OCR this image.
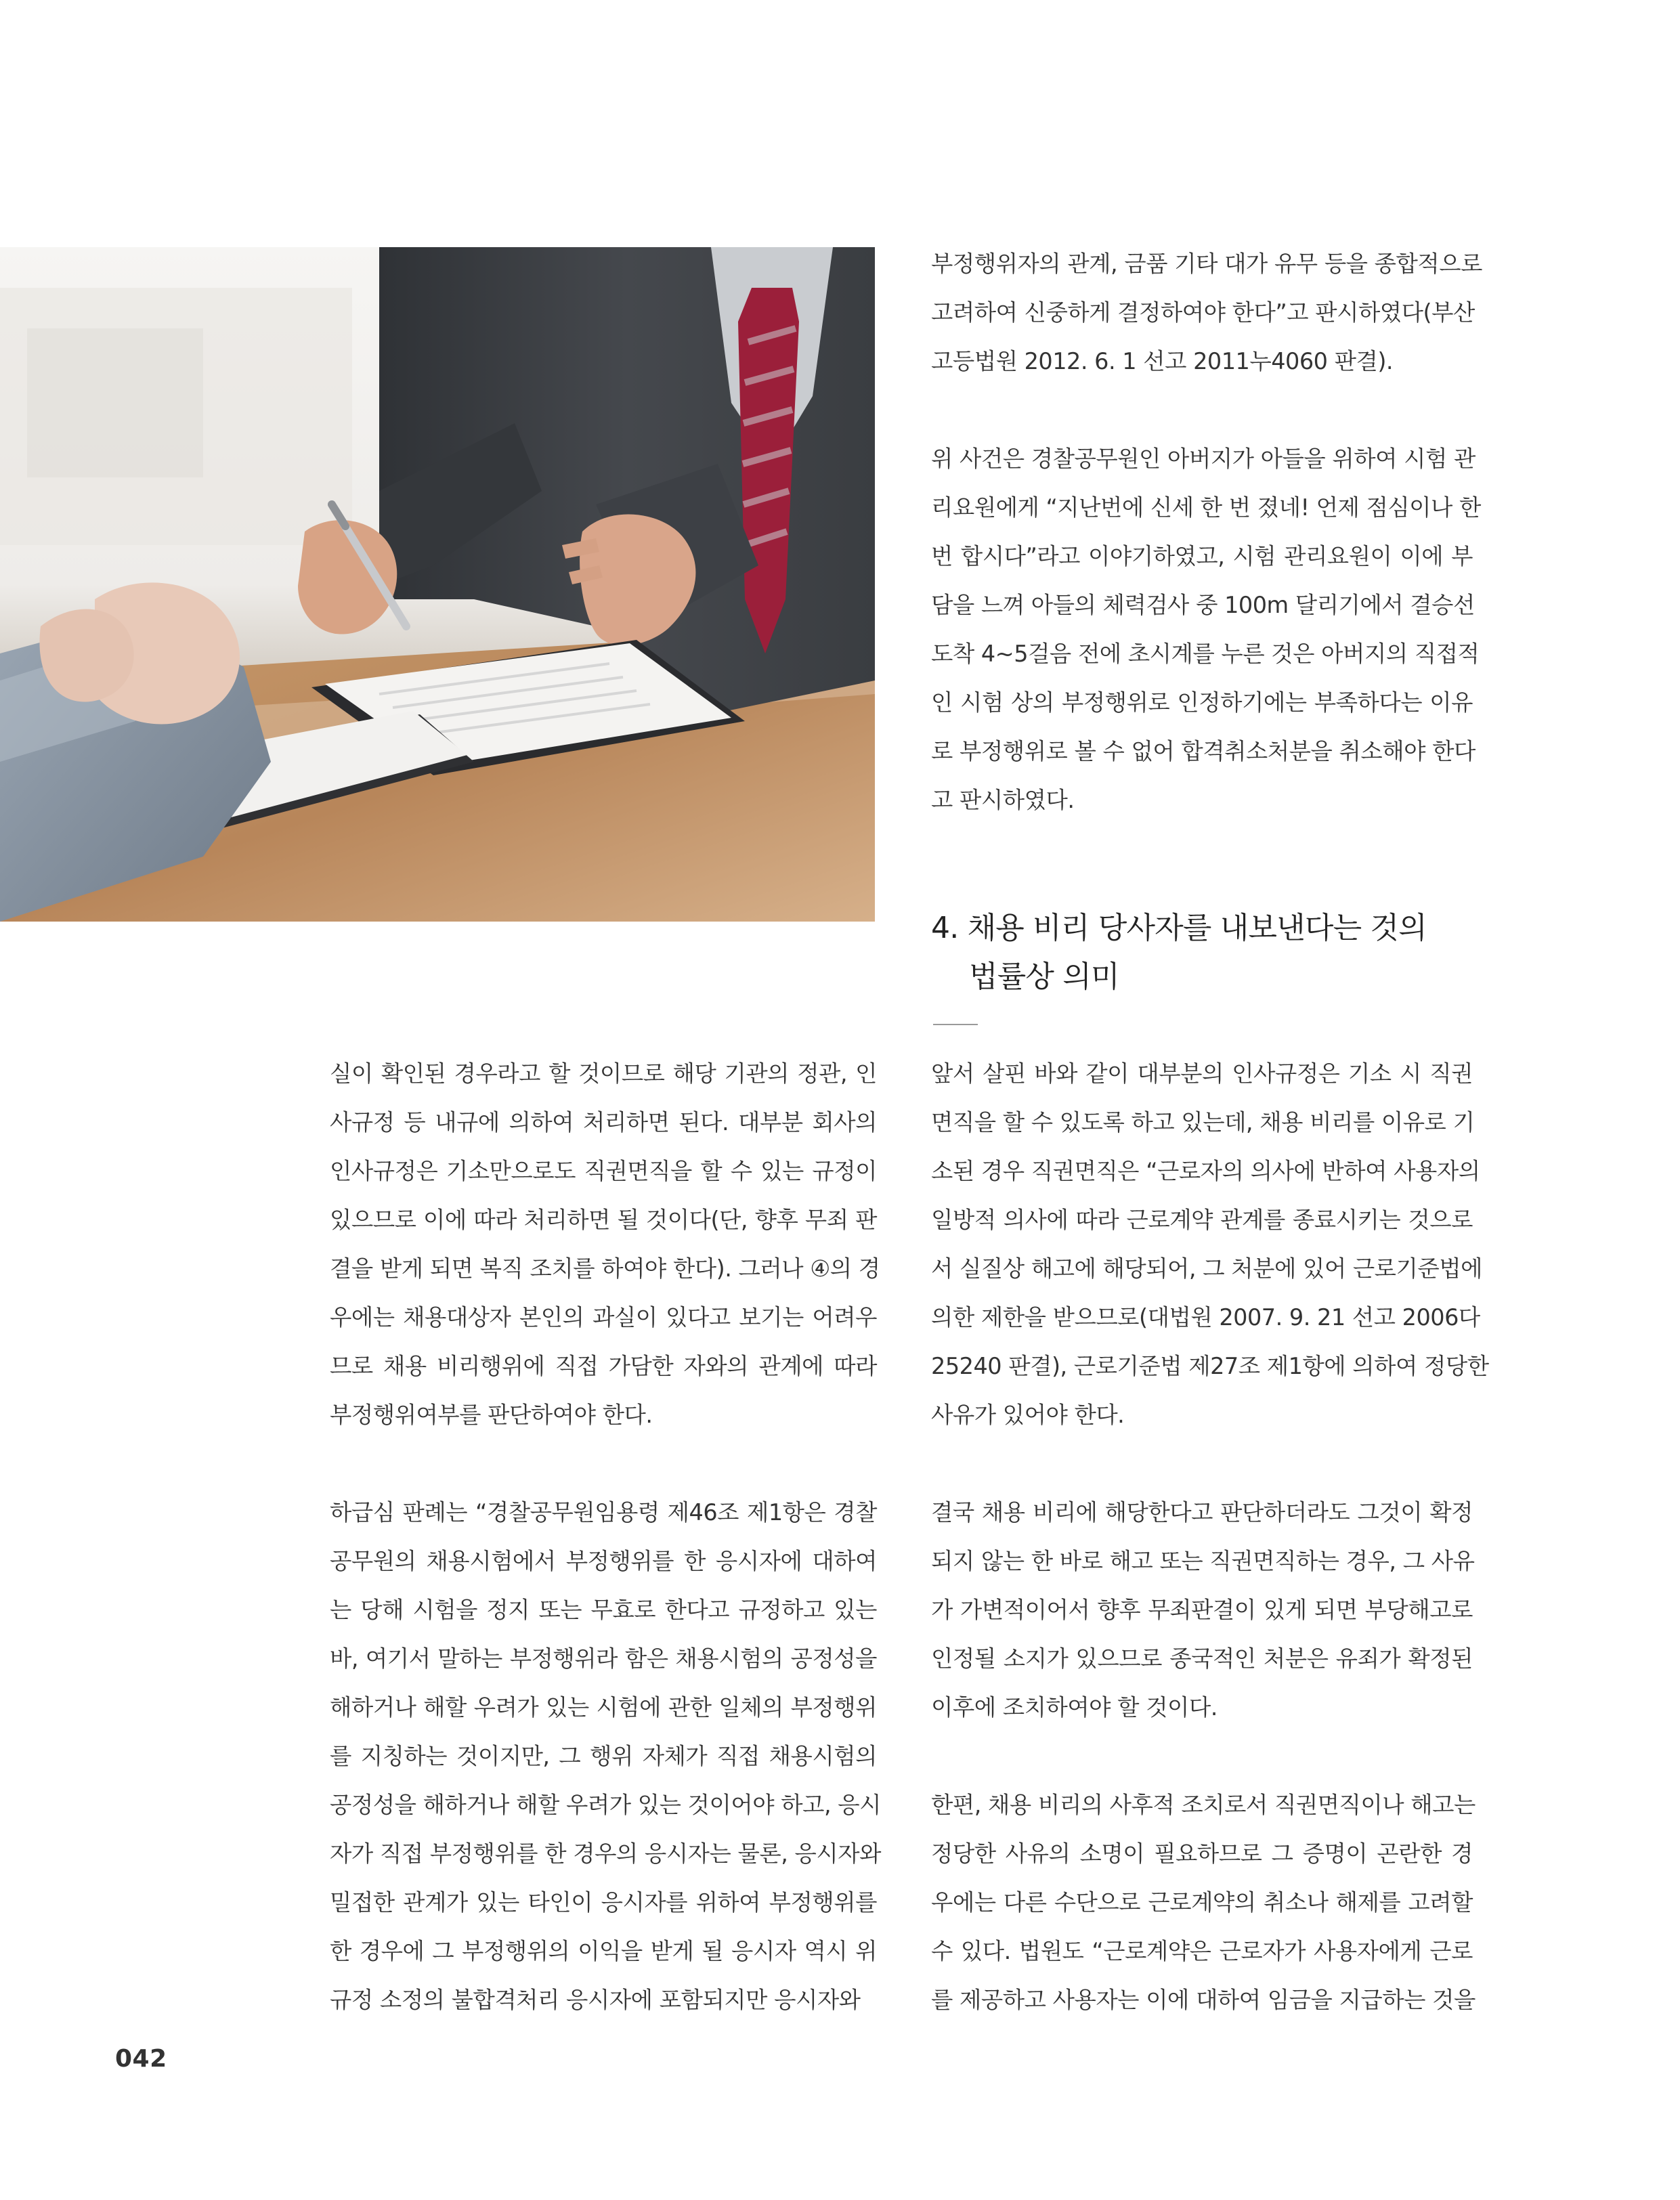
부정행위자의 관계, 금품 기타 대가 유무 등을 종합적으로
고려하여 신중하게 결정하여야 한다”고 판시하였다(부산
고등법원 2012. 6. 1 선고 2011누4060 판결).
위 사건은 경찰공무원인 아버지가 아들을 위하여 시험 관
리요원에게 “지난번에 신세 한 번 졌네! 언제 점심이나 한
번 합시다”라고 이야기하였고, 시험 관리요원이 이에 부
담을 느껴 아들의 체력검사 중 100m 달리기에서 결승선
도착 4~5걸음 전에 초시계를 누른 것은 아버지의 직접적
인 시험 상의 부정행위로 인정하기에는 부족하다는 이유
로 부정행위로 볼 수 없어 합격취소처분을 취소해야 한다
고 판시하였다.
4. 채용 비리 당사자를 내보낸다는 것의
법률상 의미
실이 확인된 경우라고 할 것이므로 해당 기관의 정관, 인
사규정 등 내규에 의하여 처리하면 된다. 대부분 회사의
인사규정은 기소만으로도 직권면직을 할 수 있는 규정이
있으므로 이에 따라 처리하면 될 것이다(단, 향후 무죄 판
결을 받게 되면 복직 조치를 하여야 한다). 그러나 ④의 경
우에는 채용대상자 본인의 과실이 있다고 보기는 어려우
므로 채용 비리행위에 직접 가담한 자와의 관계에 따라
부정행위여부를 판단하여야 한다.
하급심 판례는 “경찰공무원임용령 제46조 제1항은 경찰
공무원의 채용시험에서 부정행위를 한 응시자에 대하여
는 당해 시험을 정지 또는 무효로 한다고 규정하고 있는
바, 여기서 말하는 부정행위라 함은 채용시험의 공정성을
해하거나 해할 우려가 있는 시험에 관한 일체의 부정행위
를 지칭하는 것이지만, 그 행위 자체가 직접 채용시험의
공정성을 해하거나 해할 우려가 있는 것이어야 하고, 응시
자가 직접 부정행위를 한 경우의 응시자는 물론, 응시자와
밀접한 관계가 있는 타인이 응시자를 위하여 부정행위를
한 경우에 그 부정행위의 이익을 받게 될 응시자 역시 위
규정 소정의 불합격처리 응시자에 포함되지만 응시자와
앞서 살핀 바와 같이 대부분의 인사규정은 기소 시 직권
면직을 할 수 있도록 하고 있는데, 채용 비리를 이유로 기
소된 경우 직권면직은 “근로자의 의사에 반하여 사용자의
일방적 의사에 따라 근로계약 관계를 종료시키는 것으로
서 실질상 해고에 해당되어, 그 처분에 있어 근로기준법에
의한 제한을 받으므로(대법원 2007. 9. 21 선고 2006다
25240 판결), 근로기준법 제27조 제1항에 의하여 정당한
사유가 있어야 한다.
결국 채용 비리에 해당한다고 판단하더라도 그것이 확정
되지 않는 한 바로 해고 또는 직권면직하는 경우, 그 사유
가 가변적이어서 향후 무죄판결이 있게 되면 부당해고로
인정될 소지가 있으므로 종국적인 처분은 유죄가 확정된
이후에 조치하여야 할 것이다.
한편, 채용 비리의 사후적 조치로서 직권면직이나 해고는
정당한 사유의 소명이 필요하므로 그 증명이 곤란한 경
우에는 다른 수단으로 근로계약의 취소나 해제를 고려할
수 있다. 법원도 “근로계약은 근로자가 사용자에게 근로
를 제공하고 사용자는 이에 대하여 임금을 지급하는 것을
042
